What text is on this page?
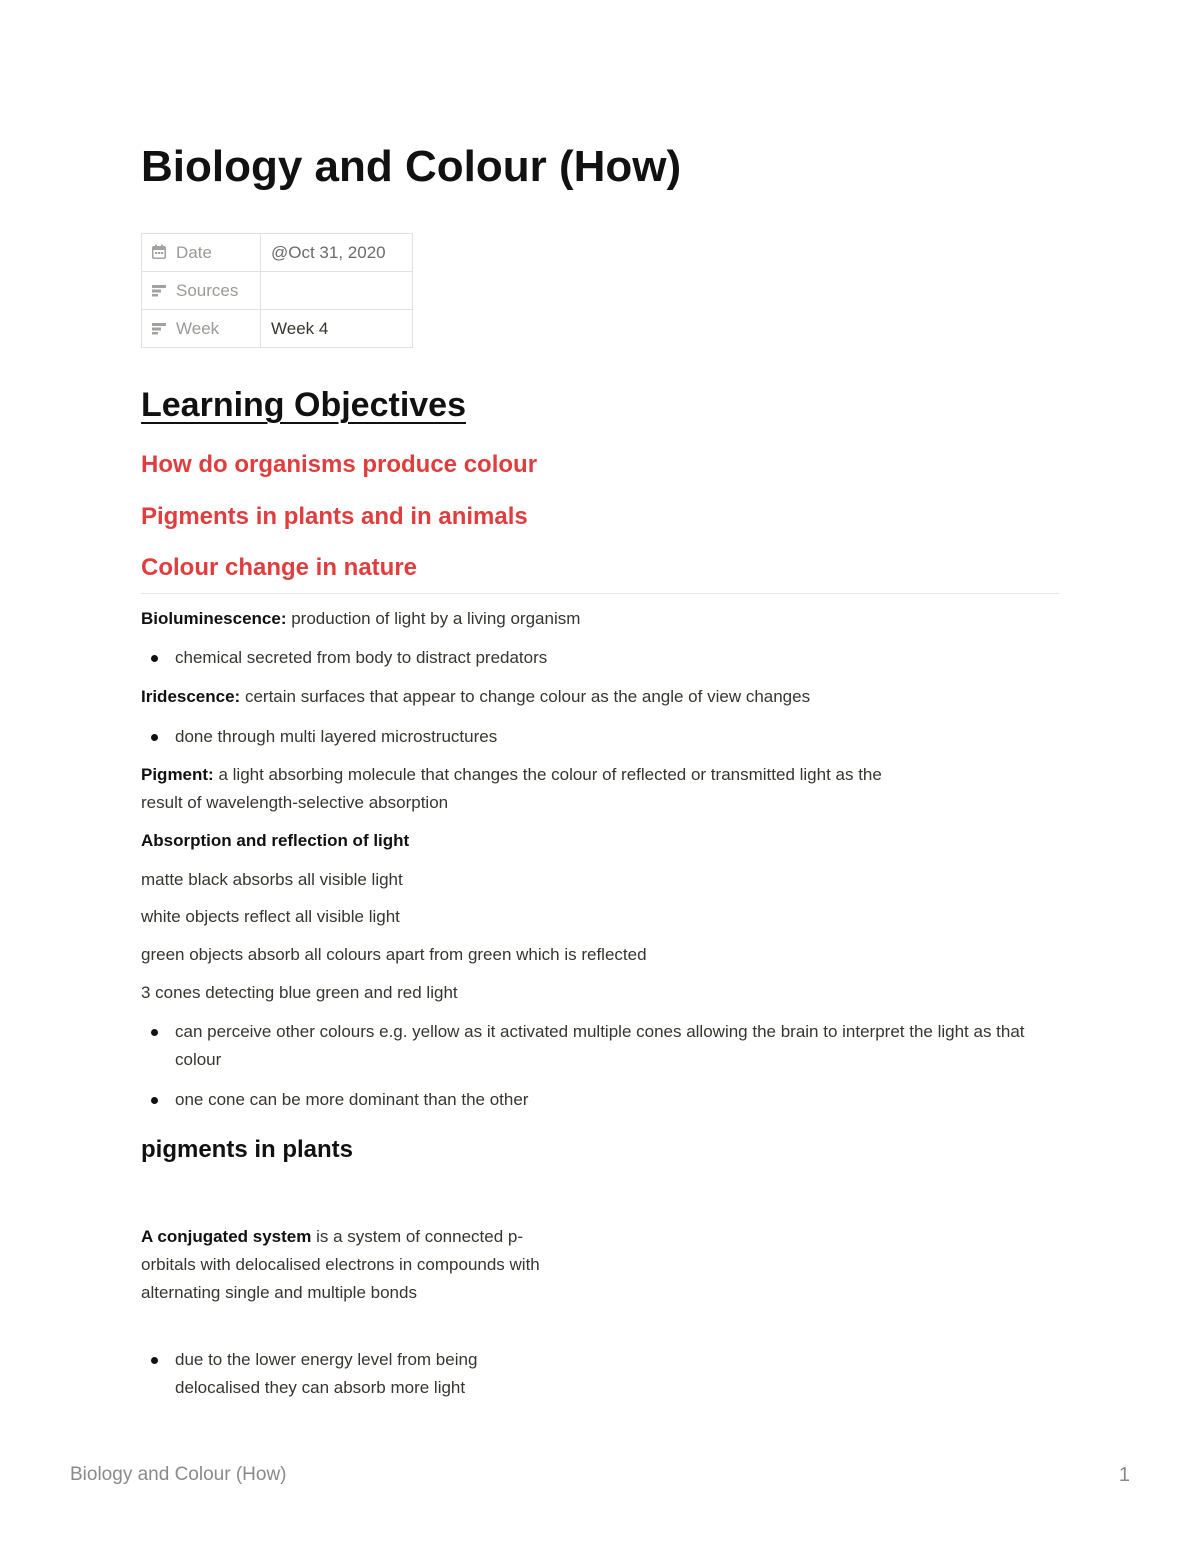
Biology and Colour (How)
Date	@Oct 31, 2020
Sources	
Week	Week 4
Learning Objectives
How do organisms produce colour
Pigments in plants and in animals
Colour change in nature

Bioluminescence: production of light by a living organism

chemical secreted from body to distract predators

Iridescence: certain surfaces that appear to change colour as the angle of view changes

done through multi layered microstructures

Pigment: a light absorbing molecule that changes the colour of reflected or transmitted light as the

result of wavelength-selective absorption

Absorption and reflection of light

matte black absorbs all visible light

white objects reflect all visible light

green objects absorb all colours apart from green which is reflected

3 cones detecting blue green and red light

can perceive other colours e.g. yellow as it activated multiple cones allowing the brain to interpret the light as that colour
one cone can be more dominant than the other
pigments in plants

A conjugated system is a system of connected p-orbitals with delocalised electrons in compounds with alternating single and multiple bonds

due to the lower energy level from being delocalised they can absorb more light
Biology and Colour (How)	1
